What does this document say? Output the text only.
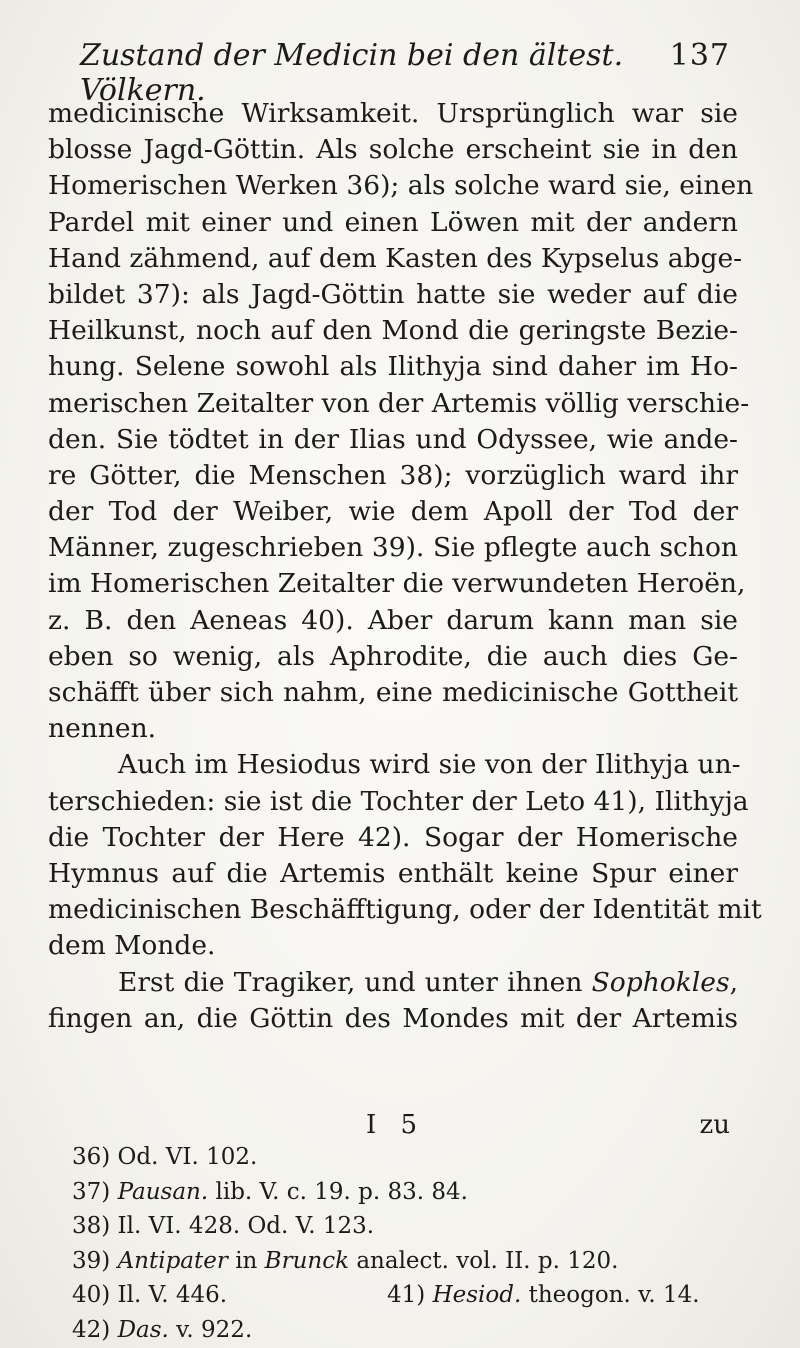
Zustand der Medicin bei den ältest. Völkern.
137
medicinische Wirksamkeit. Ursprünglich war sie
blosse Jagd-Göttin. Als solche erscheint sie in den
Homerischen Werken 36); als solche ward sie, einen
Pardel mit einer und einen Löwen mit der andern
Hand zähmend, auf dem Kasten des Kypselus abge-
bildet 37): als Jagd-Göttin hatte sie weder auf die
Heilkunst, noch auf den Mond die geringste Bezie-
hung. Selene sowohl als Ilithyja sind daher im Ho-
merischen Zeitalter von der Artemis völlig verschie-
den. Sie tödtet in der Ilias und Odyssee, wie ande-
re Götter, die Menschen 38); vorzüglich ward ihr
der Tod der Weiber, wie dem Apoll der Tod der
Männer, zugeschrieben 39). Sie pflegte auch schon
im Homerischen Zeitalter die verwundeten Heroën,
z. B. den Aeneas 40). Aber darum kann man sie
eben so wenig, als Aphrodite, die auch dies Ge-
schäfft über sich nahm, eine medicinische Gottheit
nennen.
Auch im Hesiodus wird sie von der Ilithyja un-
terschieden: sie ist die Tochter der Leto 41), Ilithyja
die Tochter der Here 42). Sogar der Homerische
Hymnus auf die Artemis enthält keine Spur einer
medicinischen Beschäfftigung, oder der Identität mit
dem Monde.
Erst die Tragiker, und unter ihnen Sophokles,
fingen an, die Göttin des Mondes mit der Artemis
I 5	zu
36) Od. VI. 102.
37) Pausan. lib. V. c. 19. p. 83. 84.
38) Il. VI. 428. Od. V. 123.
39) Antipater in Brunck analect. vol. II. p. 120.
40) Il. V. 446.	41) Hesiod. theogon. v. 14.
42) Das. v. 922.
